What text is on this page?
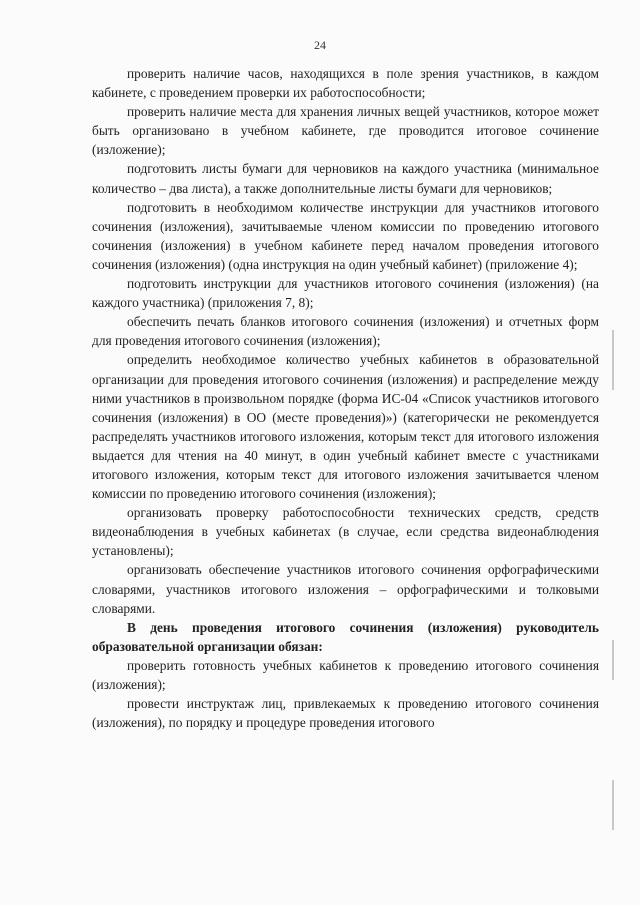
24

проверить наличие часов, находящихся в поле зрения участников, в каждом кабинете, с проведением проверки их работоспособности;

проверить наличие места для хранения личных вещей участников, которое может быть организовано в учебном кабинете, где проводится итоговое сочинение (изложение);

подготовить листы бумаги для черновиков на каждого участника (минимальное количество – два листа), а также дополнительные листы бумаги для черновиков;

подготовить в необходимом количестве инструкции для участников итогового сочинения (изложения), зачитываемые членом комиссии по проведению итогового сочинения (изложения) в учебном кабинете перед началом проведения итогового сочинения (изложения) (одна инструкция на один учебный кабинет) (приложение 4);

подготовить инструкции для участников итогового сочинения (изложения) (на каждого участника) (приложения 7, 8);

обеспечить печать бланков итогового сочинения (изложения) и отчетных форм для проведения итогового сочинения (изложения);

определить необходимое количество учебных кабинетов в образовательной организации для проведения итогового сочинения (изложения) и распределение между ними участников в произвольном порядке (форма ИС-04 «Список участников итогового сочинения (изложения) в ОО (месте проведения)») (категорически не рекомендуется распределять участников итогового изложения, которым текст для итогового изложения выдается для чтения на 40 минут, в один учебный кабинет вместе с участниками итогового изложения, которым текст для итогового изложения зачитывается членом комиссии по проведению итогового сочинения (изложения);

организовать проверку работоспособности технических средств, средств видеонаблюдения в учебных кабинетах (в случае, если средства видеонаблюдения установлены);

организовать обеспечение участников итогового сочинения орфографическими словарями, участников итогового изложения – орфографическими и толковыми словарями.

В день проведения итогового сочинения (изложения) руководитель образовательной организации обязан:

проверить готовность учебных кабинетов к проведению итогового сочинения (изложения);

провести инструктаж лиц, привлекаемых к проведению итогового сочинения (изложения), по порядку и процедуре проведения итогового
